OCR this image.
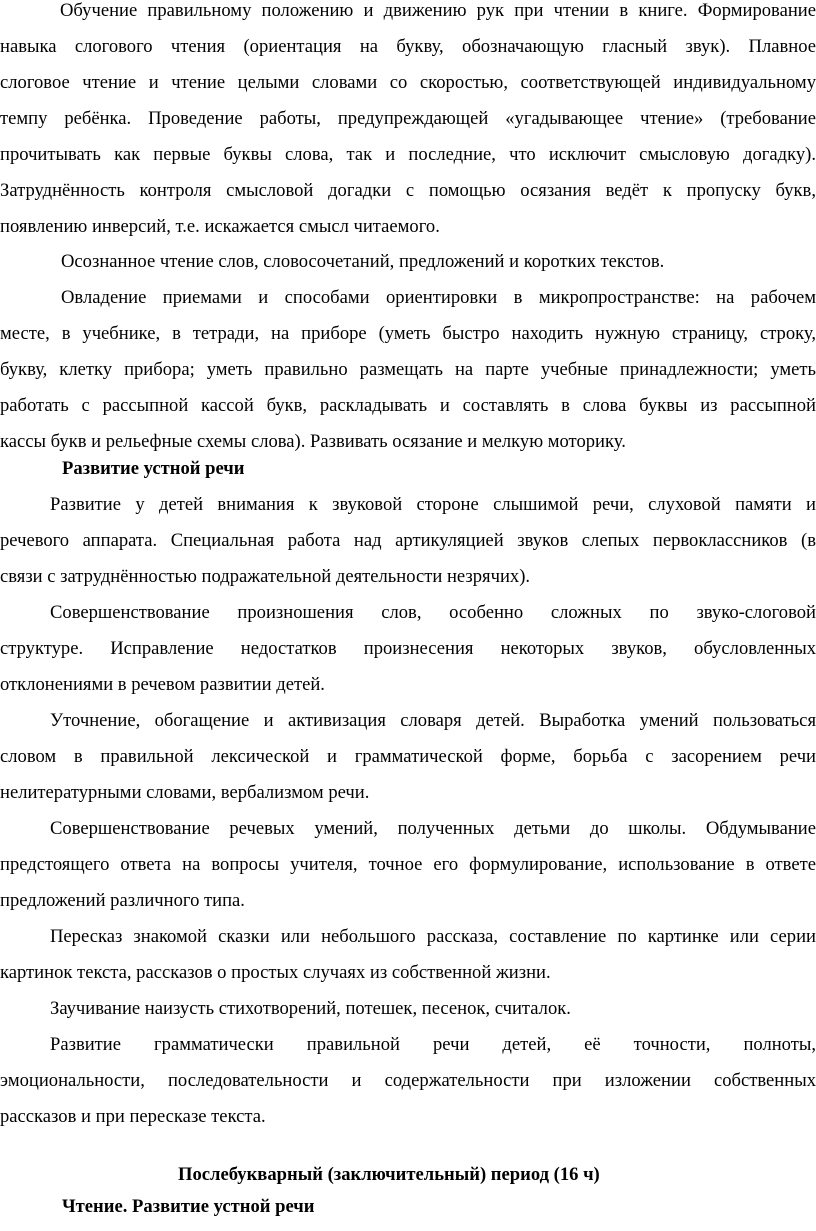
Обучение правильному положению и движению рук при чтении в книге. Формирование
навыка слогового чтения (ориентация на букву, обозначающую гласный звук). Плавное
слоговое чтение и чтение целыми словами со скоростью, соответствующей индивидуальному
темпу ребёнка. Проведение работы, предупреждающей «угадывающее чтение» (требование
прочитывать как первые буквы слова, так и последние, что исключит смысловую догадку).
Затруднённость контроля смысловой догадки с помощью осязания ведёт к пропуску букв,
появлению инверсий, т.е. искажается смысл читаемого.
Осознанное чтение слов, словосочетаний, предложений и коротких текстов.
Овладение приемами и способами ориентировки в микропространстве: на рабочем
месте, в учебнике, в тетради, на приборе (уметь быстро находить нужную страницу, строку,
букву, клетку прибора; уметь правильно размещать на парте учебные принадлежности; уметь
работать с рассыпной кассой букв, раскладывать и составлять в слова буквы из рассыпной
кассы букв и рельефные схемы слова). Развивать осязание и мелкую моторику.
Развитие устной речи
Развитие у детей внимания к звуковой стороне слышимой речи, слуховой памяти и
речевого аппарата. Специальная работа над артикуляцией звуков слепых первоклассников (в
связи с затруднённостью подражательной деятельности незрячих).
Совершенствование произношения слов, особенно сложных по звуко-слоговой
структуре. Исправление недостатков произнесения некоторых звуков, обусловленных
отклонениями в речевом развитии детей.
Уточнение, обогащение и активизация словаря детей. Выработка умений пользоваться
словом в правильной лексической и грамматической форме, борьба с засорением речи
нелитературными словами, вербализмом речи.
Совершенствование речевых умений, полученных детьми до школы. Обдумывание
предстоящего ответа на вопросы учителя, точное его формулирование, использование в ответе
предложений различного типа.
Пересказ знакомой сказки или небольшого рассказа, составление по картинке или серии
картинок текста, рассказов о простых случаях из собственной жизни.
Заучивание наизусть стихотворений, потешек, песенок, считалок.
Развитие грамматически правильной речи детей, её точности, полноты,
эмоциональности, последовательности и содержательности при изложении собственных
рассказов и при пересказе текста.
Послебукварный (заключительный) период (16 ч)
Чтение. Развитие устной речи
